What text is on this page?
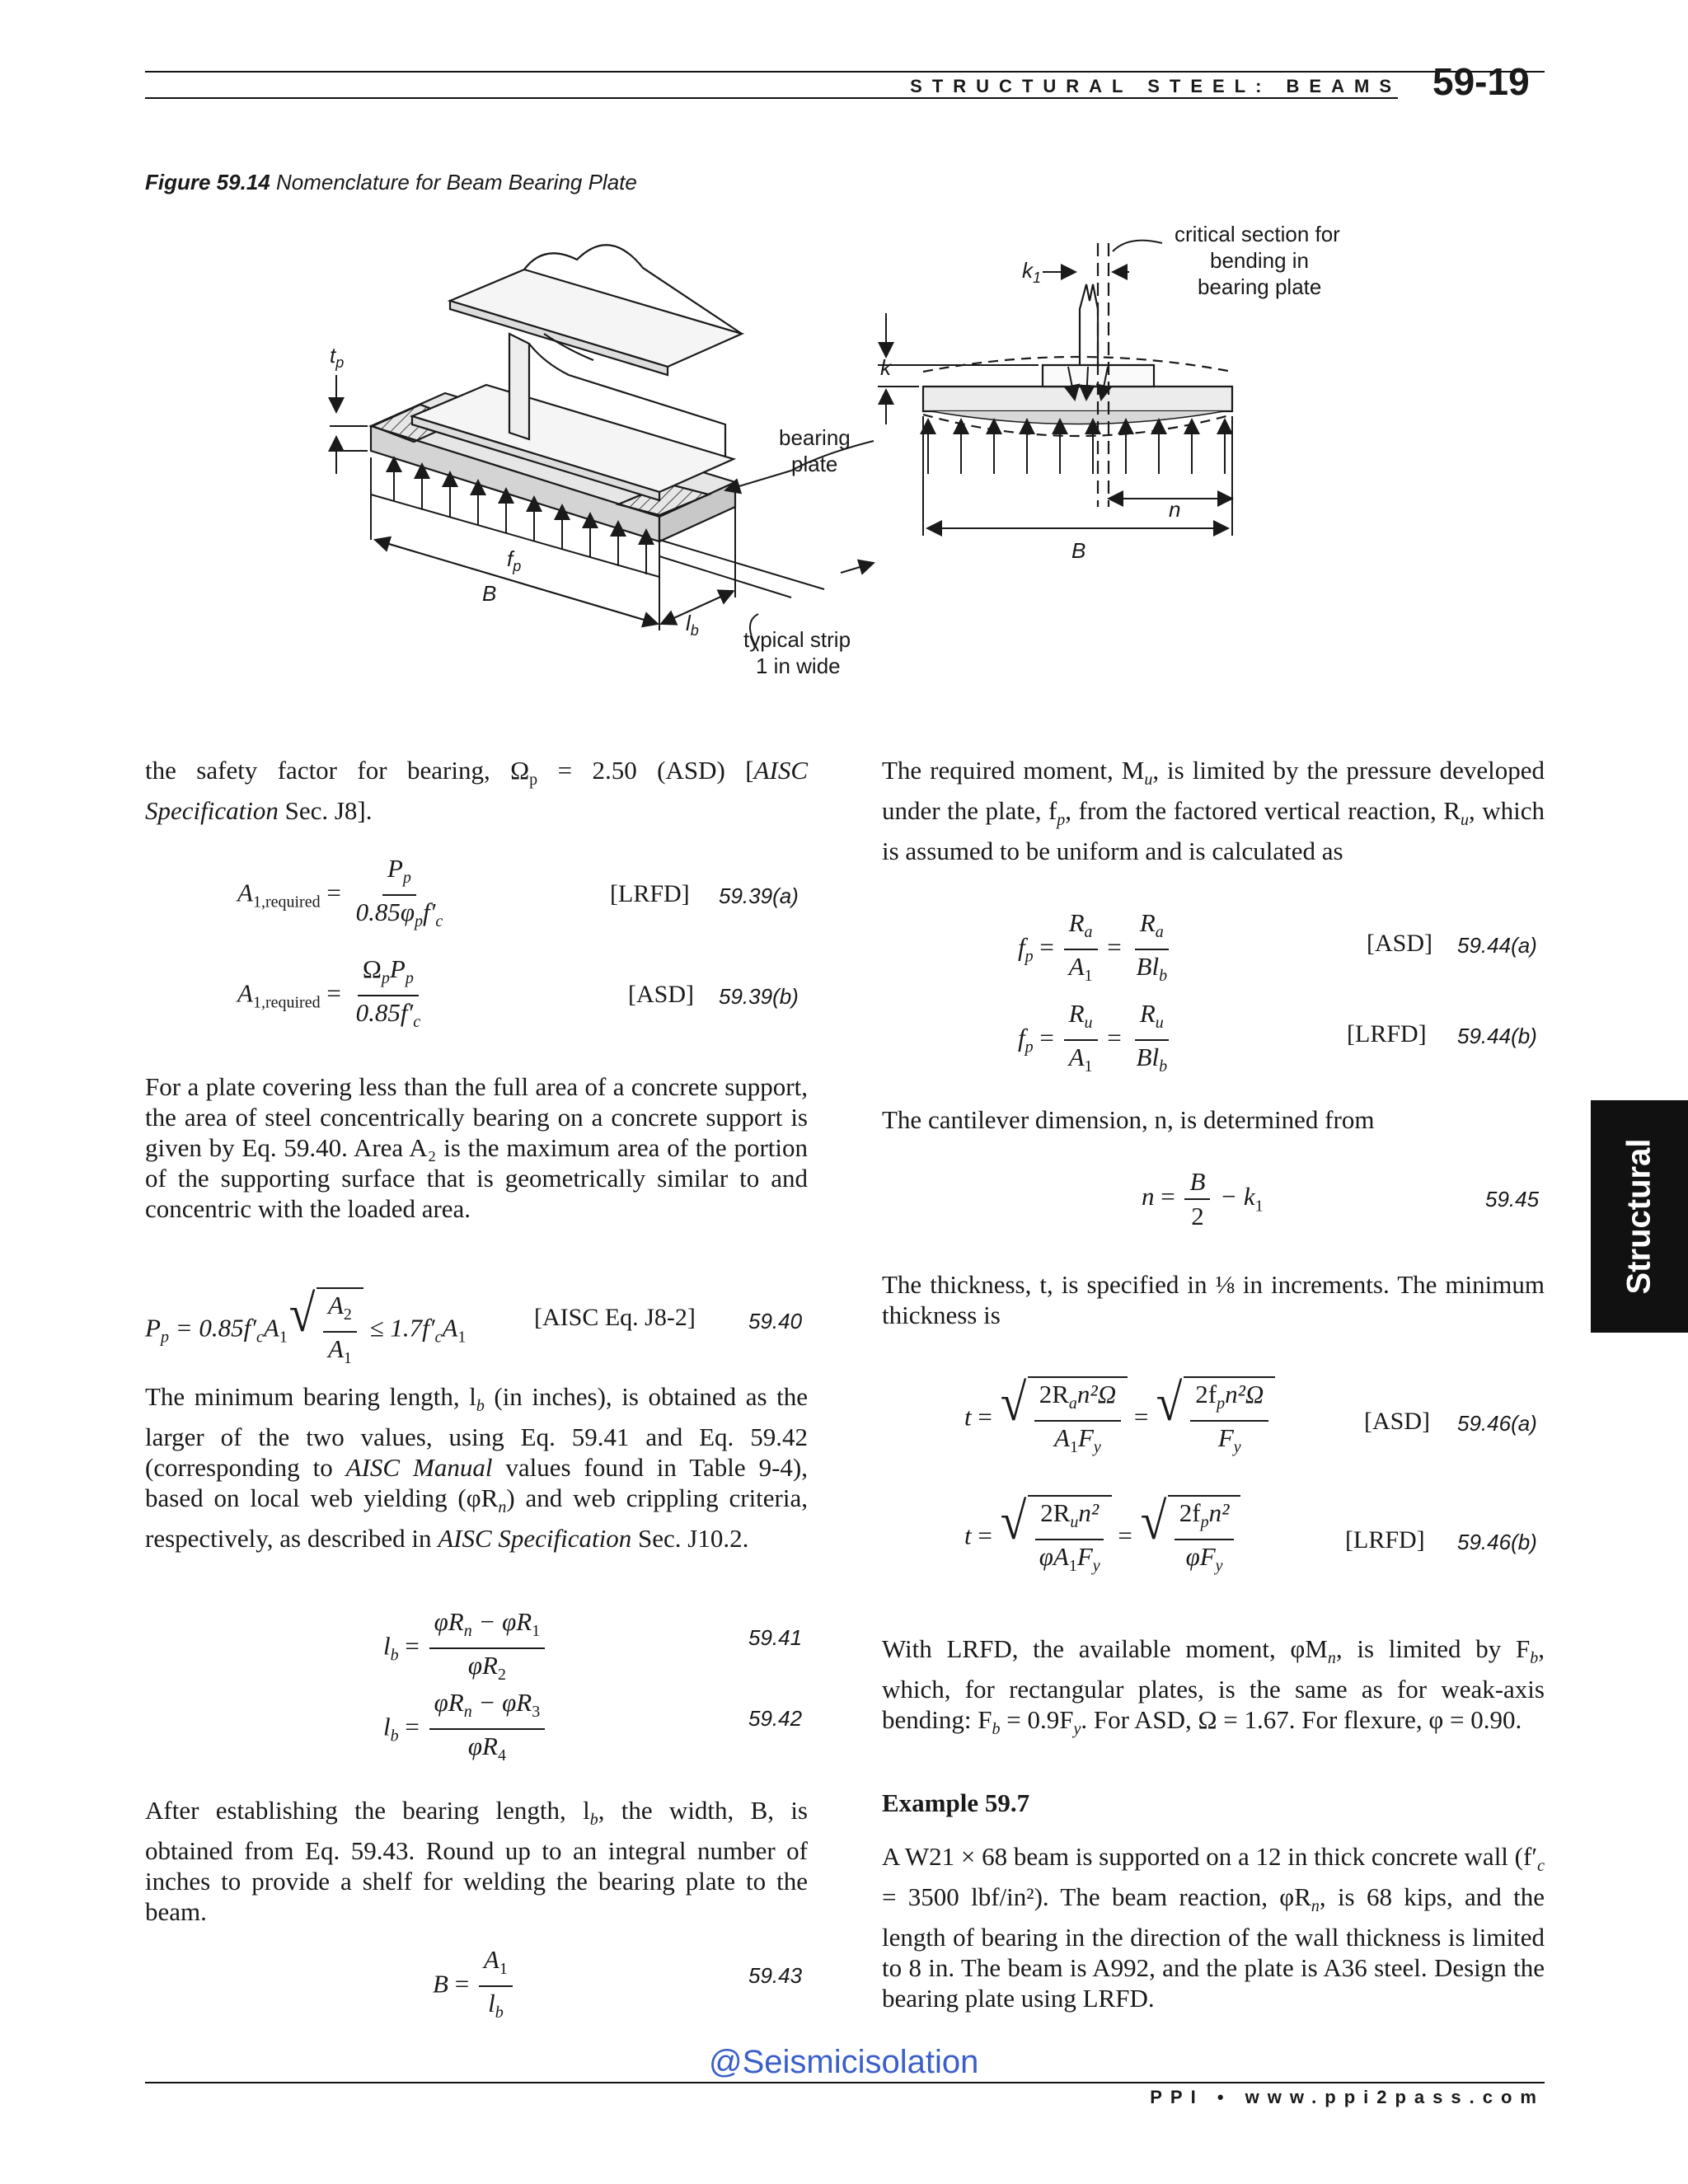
STRUCTURAL STEEL: BEAMS 59-19
Figure 59.14 Nomenclature for Beam Bearing Plate
$t_p$
$f_p$
B
$l_b$
bearing
plate
typical strip
1 in wide
critical section for
bending in
bearing plate
$k_1$
k
n
B
the safety factor for bearing, $\Omega_p = 2.50$ (ASD) [AISC Specification Sec. J8].
$A_{1,required} = \frac{P_p}{0.85\varphi_pf'_c}$	[LRFD] 59.39(a)
$A_{1,required} = \frac{\Omega_pP_p}{0.85f'_c}$	[ASD] 59.39(b)
For a plate covering less than the full area of a concrete support, the area of steel concentrically bearing on a concrete support is given by Eq. 59.40. Area A₂ is the maximum area of the portion of the supporting surface that is geometrically similar to and concentric with the loaded area.
$P_p = 0.85f'_cA_1$ √ $\frac{A_2}{A_1} \le 1.7f'_cA_1$
[AISC Eq. J8-2] 59.40
The minimum bearing length, $l_b$ (in inches), is obtained as the larger of the two values, using Eq. 59.41 and Eq. 59.42 (corresponding to AISC Manual values found in Table 9-4), based on local web yielding $(\varphi R_n)$ and web crippling criteria, respectively, as described in AISC Specification Sec. J10.2.
$l_b = \frac{\varphi R_n - \varphi R_1}{\varphi R_2}$	59.41
$l_b = \frac{\varphi R_n - \varphi R_3}{\varphi R_4}$	59.42
After establishing the bearing length, $l_b$, the width, B, is obtained from Eq. 59.43. Round up to an integral number of inches to provide a shelf for welding the bearing plate to the beam.
$B = \frac{A_1}{l_b}$	59.43
The required moment, $M_u$, is limited by the pressure developed under the plate, $f_p$, from the factored vertical reaction, $R_u$, which is assumed to be uniform and is calculated as
$f_p = \frac{R_a}{A_1} = \frac{R_a}{Bl_b}$	[ASD] 59.44(a)
$f_p = \frac{R_u}{A_1} = \frac{R_u}{Bl_b}$	[LRFD] 59.44(b)
The cantilever dimension, n, is determined from
$n = \frac{B}{2} - k_1$	59.45
The thickness, t, is specified in ⅛ in increments. The minimum thickness is
t = √ $\frac{2R_an^2\Omega}{A_1F_y}$ = √ $\frac{2f_pn^2\Omega}{F_y}$	[ASD] 59.46(a)
t = √ $\frac{2R_un^2}{\varphi A_1F_y}$ = √ $\frac{2f_pn^2}{\varphi F_y}$	[LRFD] 59.46(b)
With LRFD, the available moment, $\varphi M_n$, is limited by $F_b$, which, for rectangular plates, is the same as for weak-axis bending: $F_b = 0.9F_y$. For ASD, Ω = 1.67. For flexure, φ = 0.90.
Example 59.7
A W21 × 68 beam is supported on a 12 in thick concrete wall ($f'_c = 3500$ lbf/in²). The beam reaction, $\varphi R_n$, is 68 kips, and the length of bearing in the direction of the wall thickness is limited to 8 in. The beam is A992, and the plate is A36 steel. Design the bearing plate using LRFD.
Structural
@Seismicisolation
PPI • www.ppi2pass.com
